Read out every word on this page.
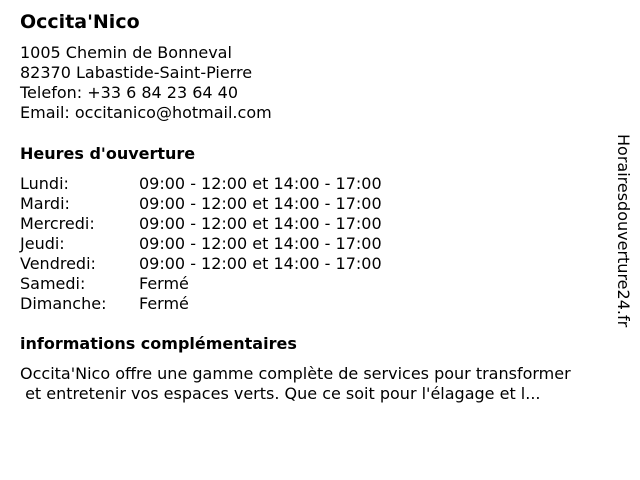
Occita'Nico
1005 Chemin de Bonneval
82370 Labastide-Saint-Pierre
Telefon: +33 6 84 23 64 40
Email: occitanico@hotmail.com
Heures d'ouverture
Lundi:	09:00 - 12:00 et 14:00 - 17:00
Mardi:	09:00 - 12:00 et 14:00 - 17:00
Mercredi:	09:00 - 12:00 et 14:00 - 17:00
Jeudi:	09:00 - 12:00 et 14:00 - 17:00
Vendredi:	09:00 - 12:00 et 14:00 - 17:00
Samedi:	Fermé
Dimanche: Fermé
informations complémentaires
Occita'Nico offre une gamme complète de services pour transformer
et entretenir vos espaces verts. Que ce soit pour l'élagage et l...
Horairesdouverture24.fr
